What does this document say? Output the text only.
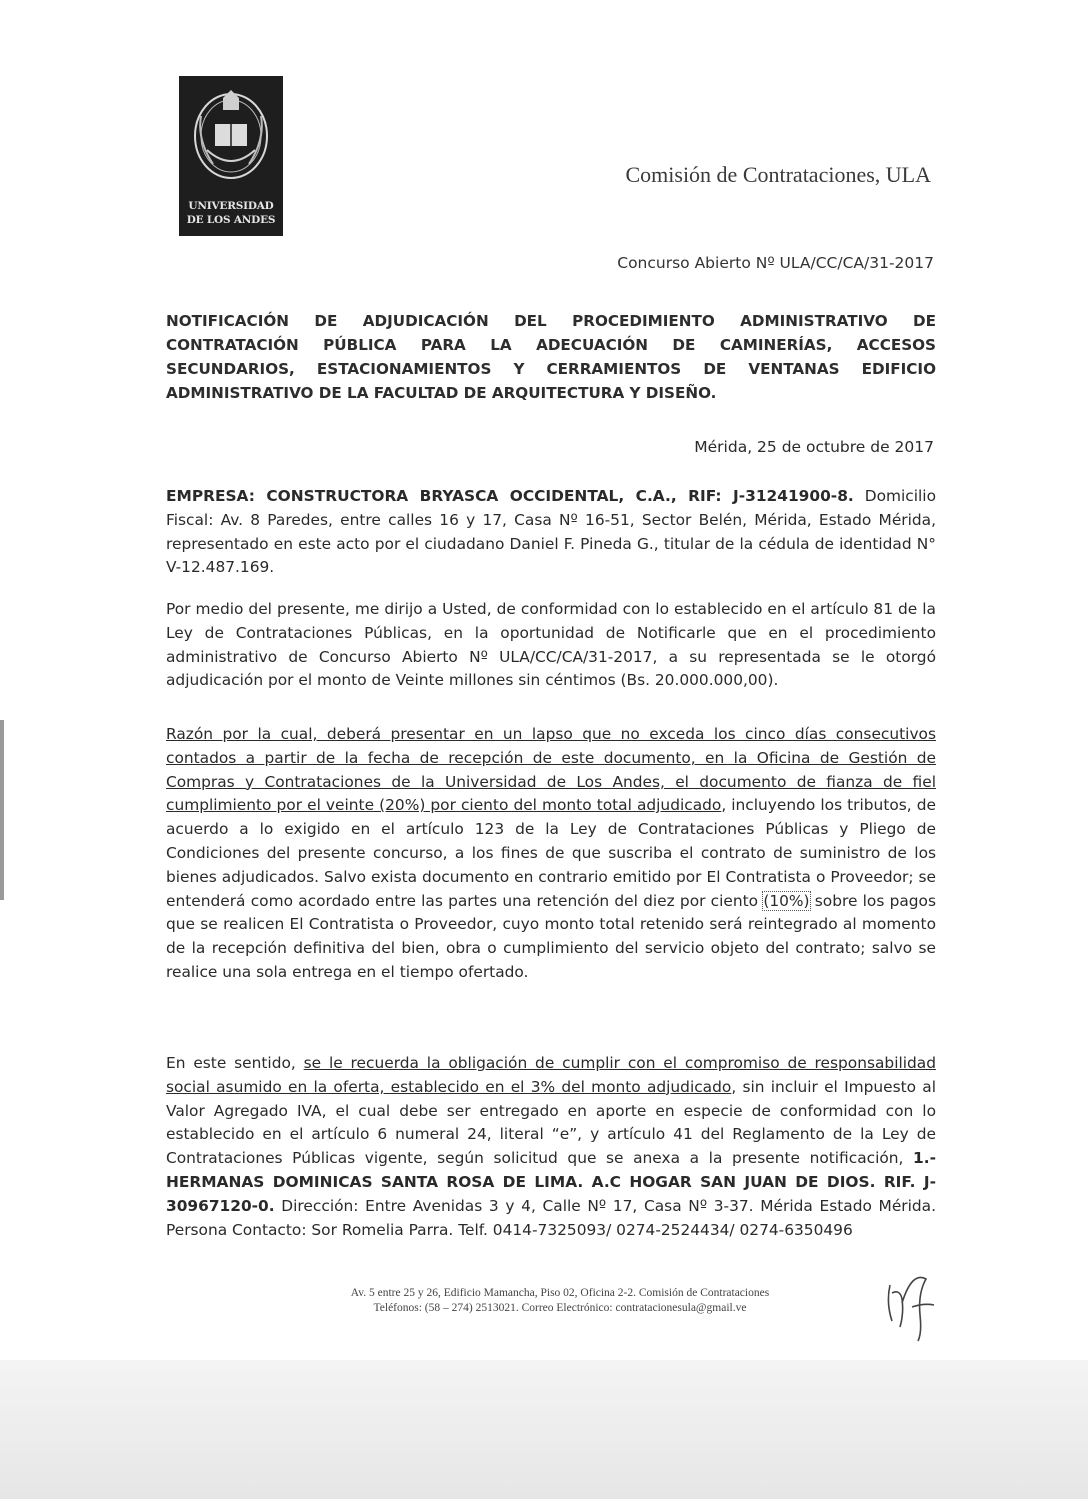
UNIVERSIDAD
DE LOS ANDES
Comisión de Contrataciones, ULA
Concurso Abierto Nº ULA/CC/CA/31-2017
NOTIFICACIÓN DE ADJUDICACIÓN DEL PROCEDIMIENTO ADMINISTRATIVO DE CONTRATACIÓN PÚBLICA PARA LA ADECUACIÓN DE CAMINERÍAS, ACCESOS SECUNDARIOS, ESTACIONAMIENTOS Y CERRAMIENTOS DE VENTANAS EDIFICIO ADMINISTRATIVO DE LA FACULTAD DE ARQUITECTURA Y DISEÑO.
Mérida, 25 de octubre de 2017
EMPRESA: CONSTRUCTORA BRYASCA OCCIDENTAL, C.A., RIF: J-31241900-8. Domicilio Fiscal: Av. 8 Paredes, entre calles 16 y 17, Casa Nº 16-51, Sector Belén, Mérida, Estado Mérida, representado en este acto por el ciudadano Daniel F. Pineda G., titular de la cédula de identidad N° V-12.487.169.
Por medio del presente, me dirijo a Usted, de conformidad con lo establecido en el artículo 81 de la Ley de Contrataciones Públicas, en la oportunidad de Notificarle que en el procedimiento administrativo de Concurso Abierto Nº ULA/CC/CA/31-2017, a su representada se le otorgó adjudicación por el monto de Veinte millones sin céntimos (Bs. 20.000.000,00).
Razón por la cual, deberá presentar en un lapso que no exceda los cinco días consecutivos contados a partir de la fecha de recepción de este documento, en la Oficina de Gestión de Compras y Contrataciones de la Universidad de Los Andes, el documento de fianza de fiel cumplimiento por el veinte (20%) por ciento del monto total adjudicado, incluyendo los tributos, de acuerdo a lo exigido en el artículo 123 de la Ley de Contrataciones Públicas y Pliego de Condiciones del presente concurso, a los fines de que suscriba el contrato de suministro de los bienes adjudicados. Salvo exista documento en contrario emitido por El Contratista o Proveedor; se entenderá como acordado entre las partes una retención del diez por ciento (10%) sobre los pagos que se realicen El Contratista o Proveedor, cuyo monto total retenido será reintegrado al momento de la recepción definitiva del bien, obra o cumplimiento del servicio objeto del contrato; salvo se realice una sola entrega en el tiempo ofertado.
En este sentido, se le recuerda la obligación de cumplir con el compromiso de responsabilidad social asumido en la oferta, establecido en el 3% del monto adjudicado, sin incluir el Impuesto al Valor Agregado IVA, el cual debe ser entregado en aporte en especie de conformidad con lo establecido en el artículo 6 numeral 24, literal “e”, y artículo 41 del Reglamento de la Ley de Contrataciones Públicas vigente, según solicitud que se anexa a la presente notificación, 1.- HERMANAS DOMINICAS SANTA ROSA DE LIMA. A.C HOGAR SAN JUAN DE DIOS. RIF. J-30967120-0. Dirección: Entre Avenidas 3 y 4, Calle Nº 17, Casa Nº 3-37. Mérida Estado Mérida. Persona Contacto: Sor Romelia Parra. Telf. 0414-7325093/ 0274-2524434/ 0274-6350496
Av. 5 entre 25 y 26, Edificio Mamancha, Piso 02, Oficina 2-2. Comisión de Contrataciones
Teléfonos: (58 – 274) 2513021. Correo Electrónico: contratacionesula@gmail.ve
